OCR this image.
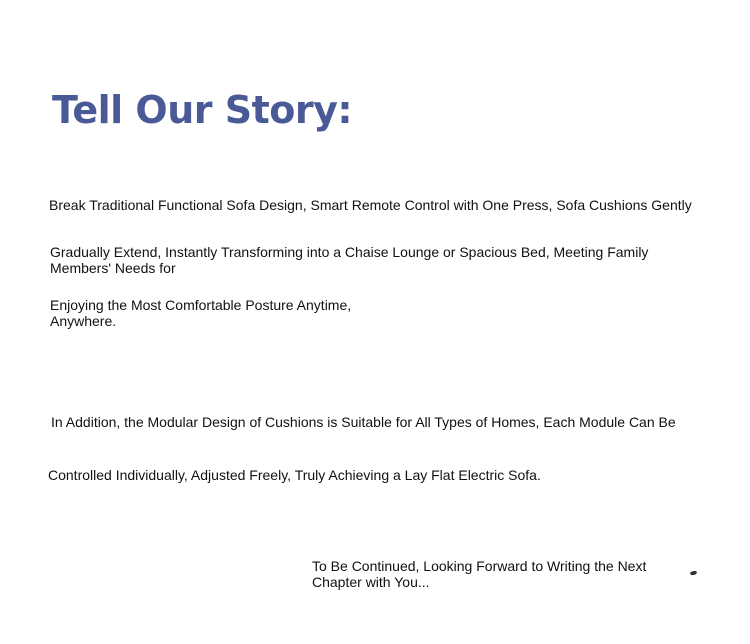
Tell Our Story:

Break Traditional Functional Sofa Design, Smart Remote Control with One Press, Sofa Cushions Gently

Gradually Extend, Instantly Transforming into a Chaise Lounge or Spacious Bed, Meeting Family Members' Needs for

Enjoying the Most Comfortable Posture Anytime, Anywhere.

In Addition, the Modular Design of Cushions is Suitable for All Types of Homes, Each Module Can Be

Controlled Individually, Adjusted Freely, Truly Achieving a Lay Flat Electric Sofa.

To Be Continued, Looking Forward to Writing the Next Chapter with You...
